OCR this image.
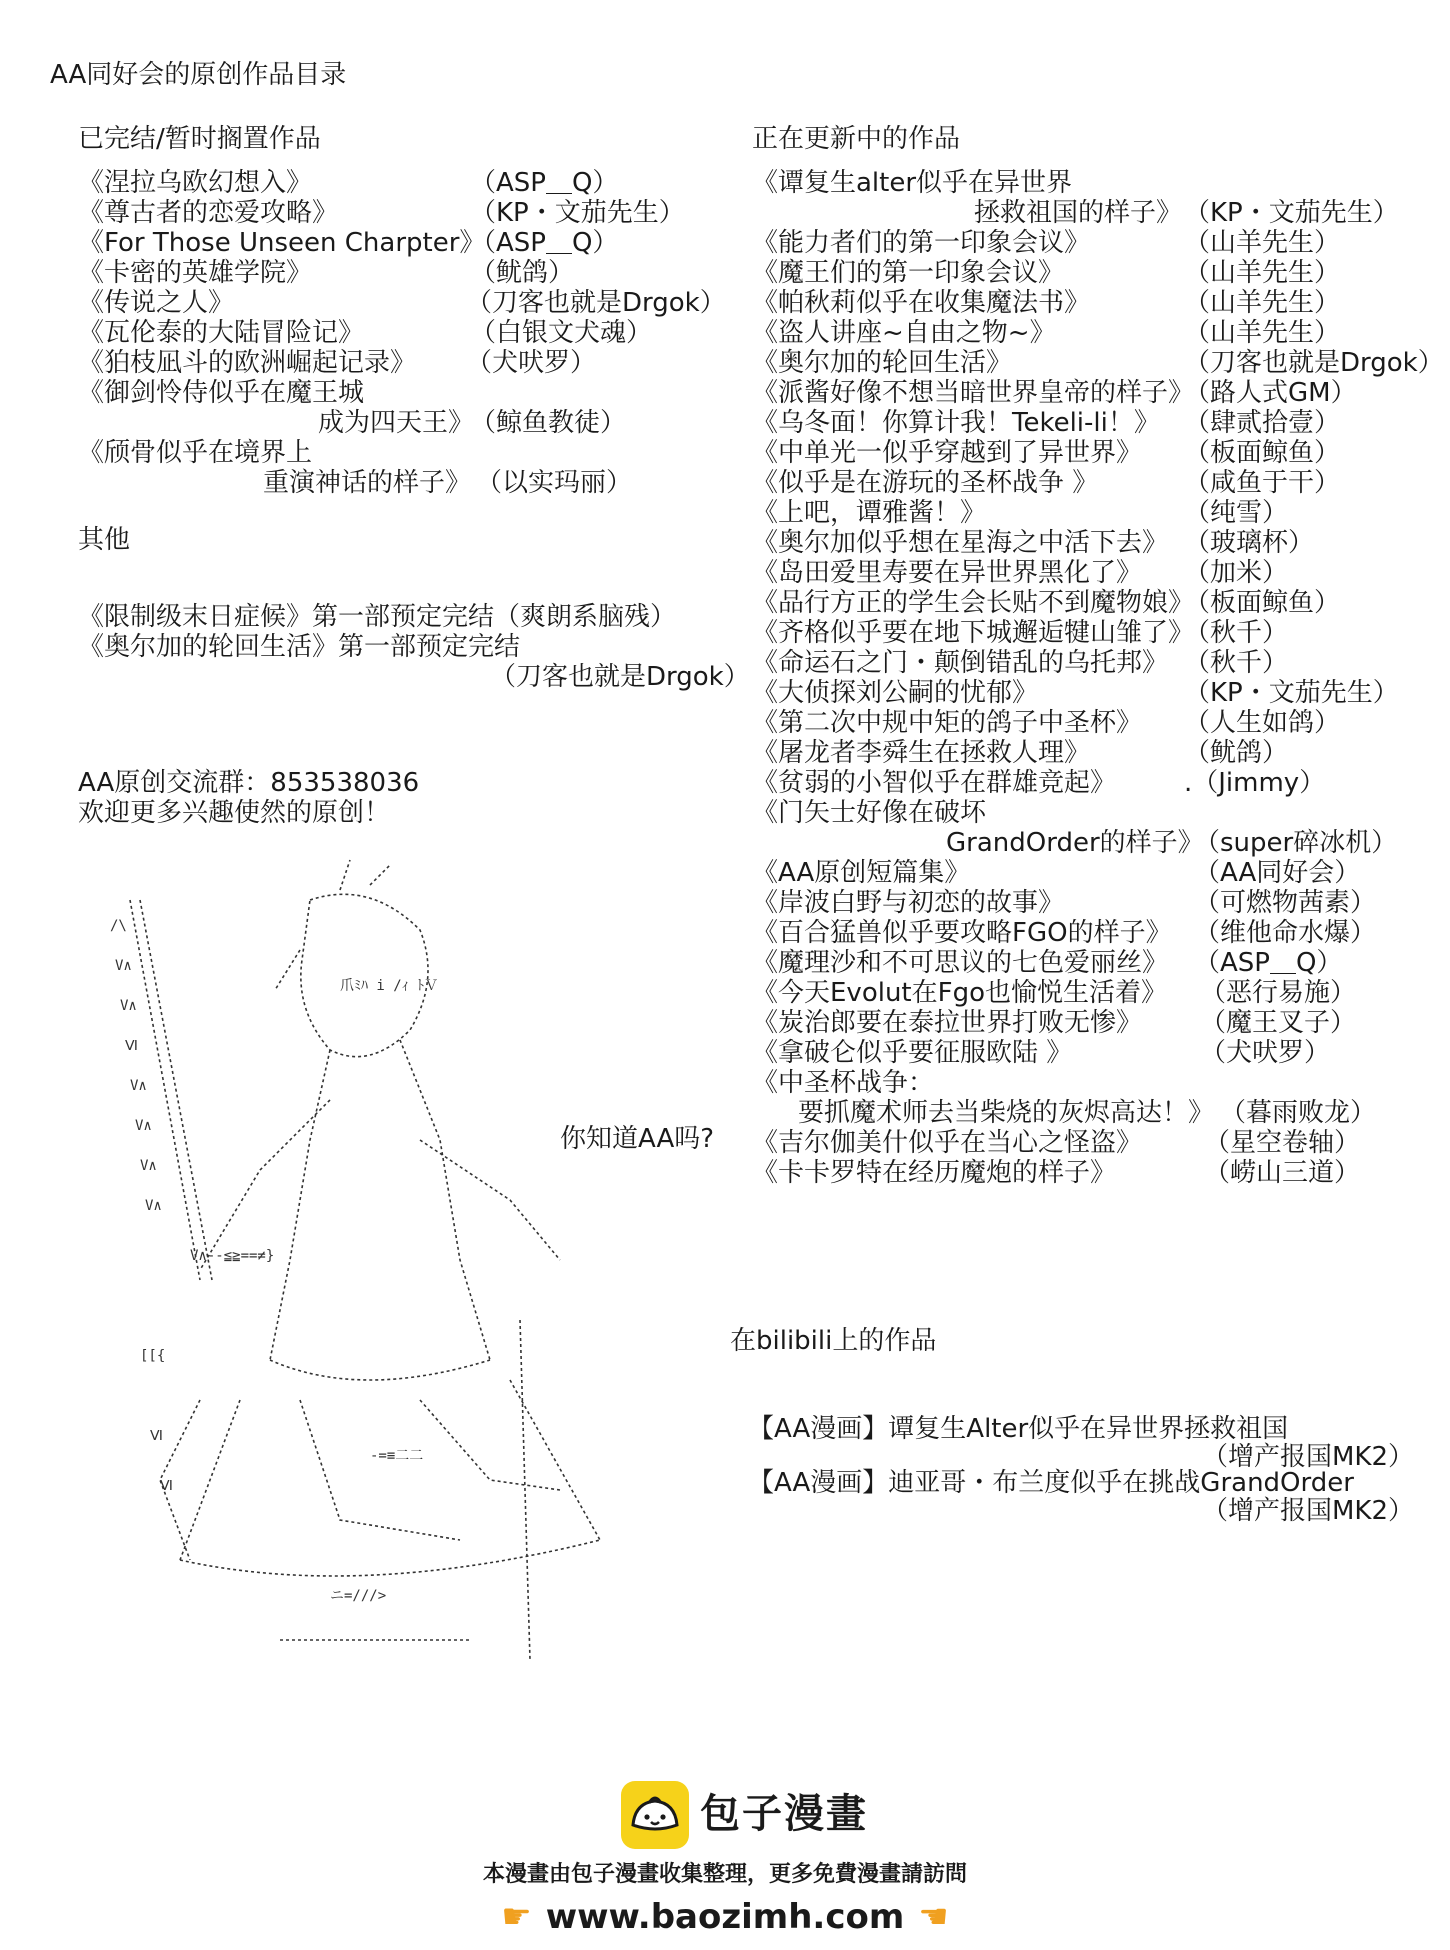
AA同好会的原创作品目录
已完结/暂时搁置作品
《涅拉乌欧幻想入》	（ASP＿Q）
《尊古者的恋爱攻略》	（KP・文茄先生）
《For Those Unseen Charpter》
（ASP＿Q）
《卡密的英雄学院》	（鱿鸽）
《传说之人》	（刀客也就是Drgok）
《瓦伦泰的大陆冒险记》	（白银文犬魂）
《狛枝凪斗的欧洲崛起记录》 （犬吠罗）
《御剑怜侍似乎在魔王城
成为四天王》
（鲸鱼教徒）
《颀骨似乎在境界上
重演神话的样子》 （以实玛丽）
其他
《限制级末日症候》第一部预定完结（爽朗系脑残）
《奥尔加的轮回生活》第一部预定完结
（刀客也就是Drgok）
AA原创交流群：853538036
欢迎更多兴趣使然的原创！
/\
V∧
V∧
Ⅵ
V∧
V∧
V∧
V∧
爪ﾐﾊ i /ｨ ﾄＶ
V∧--≦≧==≠}
[[{
Ⅵ
Ⅵ
-=≡二二
ニ=///>
你知道AA吗?
正在更新中的作品
《谭复生alter似乎在异世界
拯救祖国的样子》 （KP・文茄先生）
《能力者们的第一印象会议》	（山羊先生）
《魔王们的第一印象会议》	（山羊先生）
《帕秋莉似乎在收集魔法书》	（山羊先生）
《盗人讲座~自由之物~》	（山羊先生）
《奥尔加的轮回生活》	（刀客也就是Drgok）
《派酱好像不想当暗世界皇帝的样子》
（路人式GM）
《乌冬面！你算计我！Tekeli-li！》 （肆贰拾壹）
《中单光一似乎穿越到了异世界》 （板面鲸鱼）
《似乎是在游玩的圣杯战争 》	（咸鱼于干）
《上吧，谭雅酱！》	（纯雪）
《奥尔加似乎想在星海之中活下去》 （玻璃杯）
《岛田爱里寿要在异世界黑化了》 （加米）
《品行方正的学生会长贴不到魔物娘》
（板面鲸鱼）
《齐格似乎要在地下城邂逅犍山雏了》
（秋千）
《命运石之门・颠倒错乱的乌托邦》 （秋千）
《大侦探刘公嗣的忧郁》	（KP・文茄先生）
《第二次中规中矩的鸽子中圣杯》 （人生如鸽）
《屠龙者李舜生在拯救人理》	（鱿鸽）
《贫弱的小智似乎在群雄竞起》	.（Jimmy）
《门矢士好像在破坏
GrandOrder的样子》
（super碎冰机）
《AA原创短篇集》	（AA同好会）
《岸波白野与初恋的故事》	（可燃物茜素）
《百合猛兽似乎要攻略FGO的样子》 （维他命水爆）
《魔理沙和不可思议的七色爱丽丝》 （ASP＿Q）
《今天Evolut在Fgo也愉悦生活着》 （恶行易施）
《炭治郎要在泰拉世界打败无惨》 （魔王叉子）
《拿破仑似乎要征服欧陆 》	（犬吠罗）
《中圣杯战争：
要抓魔术师去当柴烧的灰烬高达！》 （暮雨败龙）
《吉尔伽美什似乎在当心之怪盗》 （星空卷轴）
《卡卡罗特在经历魔炮的样子》	（崂山三道）
在bilibili上的作品
【AA漫画】谭复生Alter似乎在异世界拯救祖国
（增产报国MK2）
【AA漫画】迪亚哥・布兰度似乎在挑战GrandOrder
（增产报国MK2）
包子漫畫
本漫畫由包子漫畫收集整理，更多免費漫畫請訪問
☛ www.baozimh.com ☚
